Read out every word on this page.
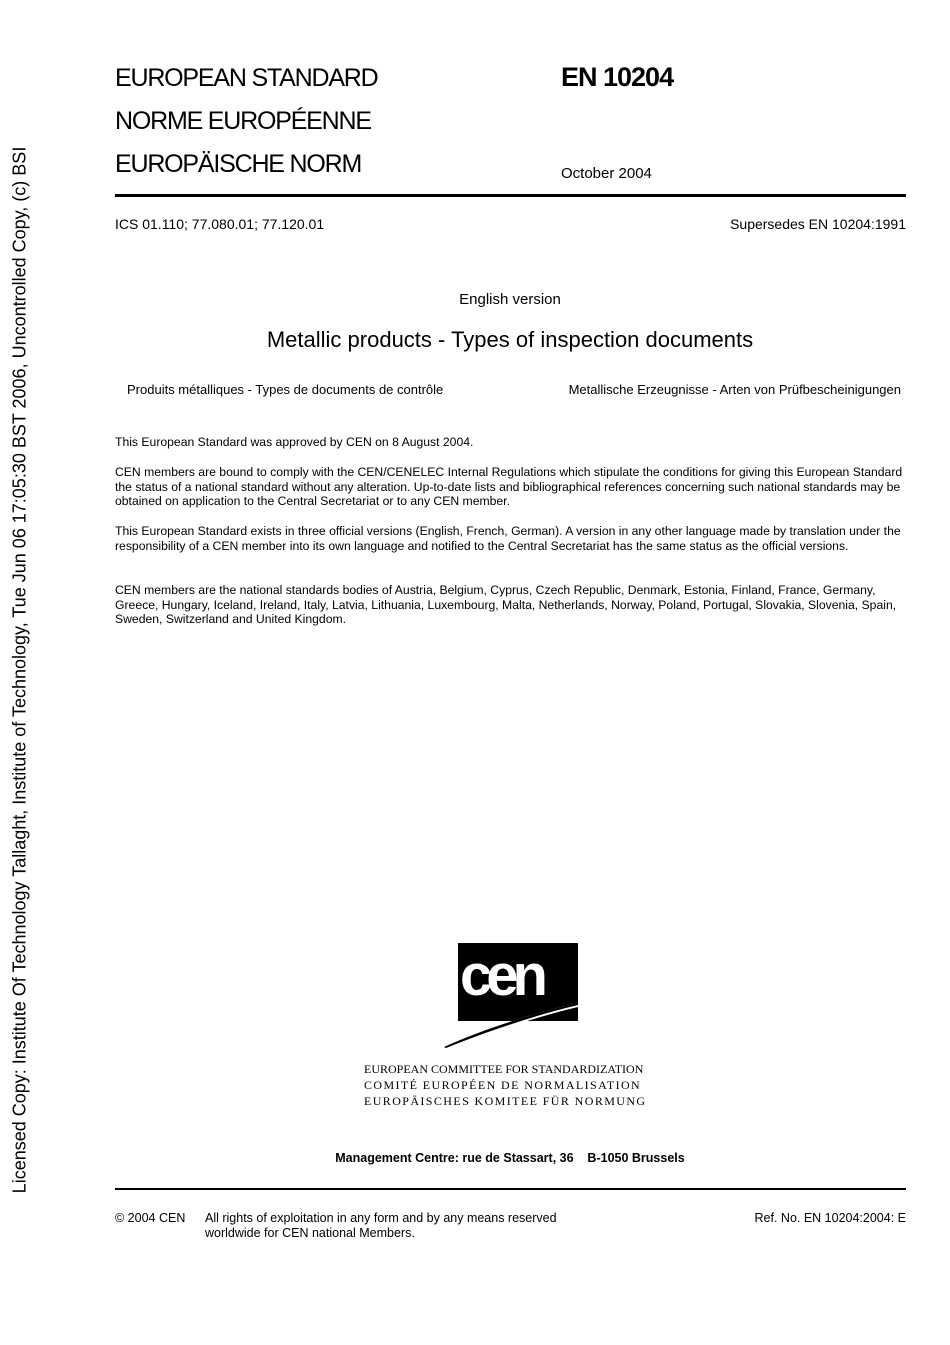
Licensed Copy: Institute Of Technology Tallaght, Institute of Technology, Tue Jun 06 17:05:30 BST 2006, Uncontrolled Copy, (c) BSI
EUROPEAN STANDARD
NORME EUROPÉENNE
EUROPÄISCHE NORM
EN 10204
October 2004
ICS 01.110; 77.080.01; 77.120.01	Supersedes EN 10204:1991
English version
Metallic products - Types of inspection documents
Produits métalliques - Types de documents de contrôle	Metallische Erzeugnisse - Arten von Prüfbescheinigungen
This European Standard was approved by CEN on 8 August 2004.
CEN members are bound to comply with the CEN/CENELEC Internal Regulations which stipulate the conditions for giving this European Standard the status of a national standard without any alteration. Up-to-date lists and bibliographical references concerning such national standards may be obtained on application to the Central Secretariat or to any CEN member.
This European Standard exists in three official versions (English, French, German). A version in any other language made by translation under the responsibility of a CEN member into its own language and notified to the Central Secretariat has the same status as the official versions.
CEN members are the national standards bodies of Austria, Belgium, Cyprus, Czech Republic, Denmark, Estonia, Finland, France, Germany, Greece, Hungary, Iceland, Ireland, Italy, Latvia, Lithuania, Luxembourg, Malta, Netherlands, Norway, Poland, Portugal, Slovakia, Slovenia, Spain, Sweden, Switzerland and United Kingdom.
cen
EUROPEAN COMMITTEE FOR STANDARDIZATION
COMITÉ EUROPÉEN DE NORMALISATION
EUROPÄISCHES KOMITEE FÜR NORMUNG
Management Centre: rue de Stassart, 36    B-1050 Brussels
© 2004 CEN All rights of exploitation in any form and by any means reserved
worldwide for CEN national Members.
Ref. No. EN 10204:2004: E
